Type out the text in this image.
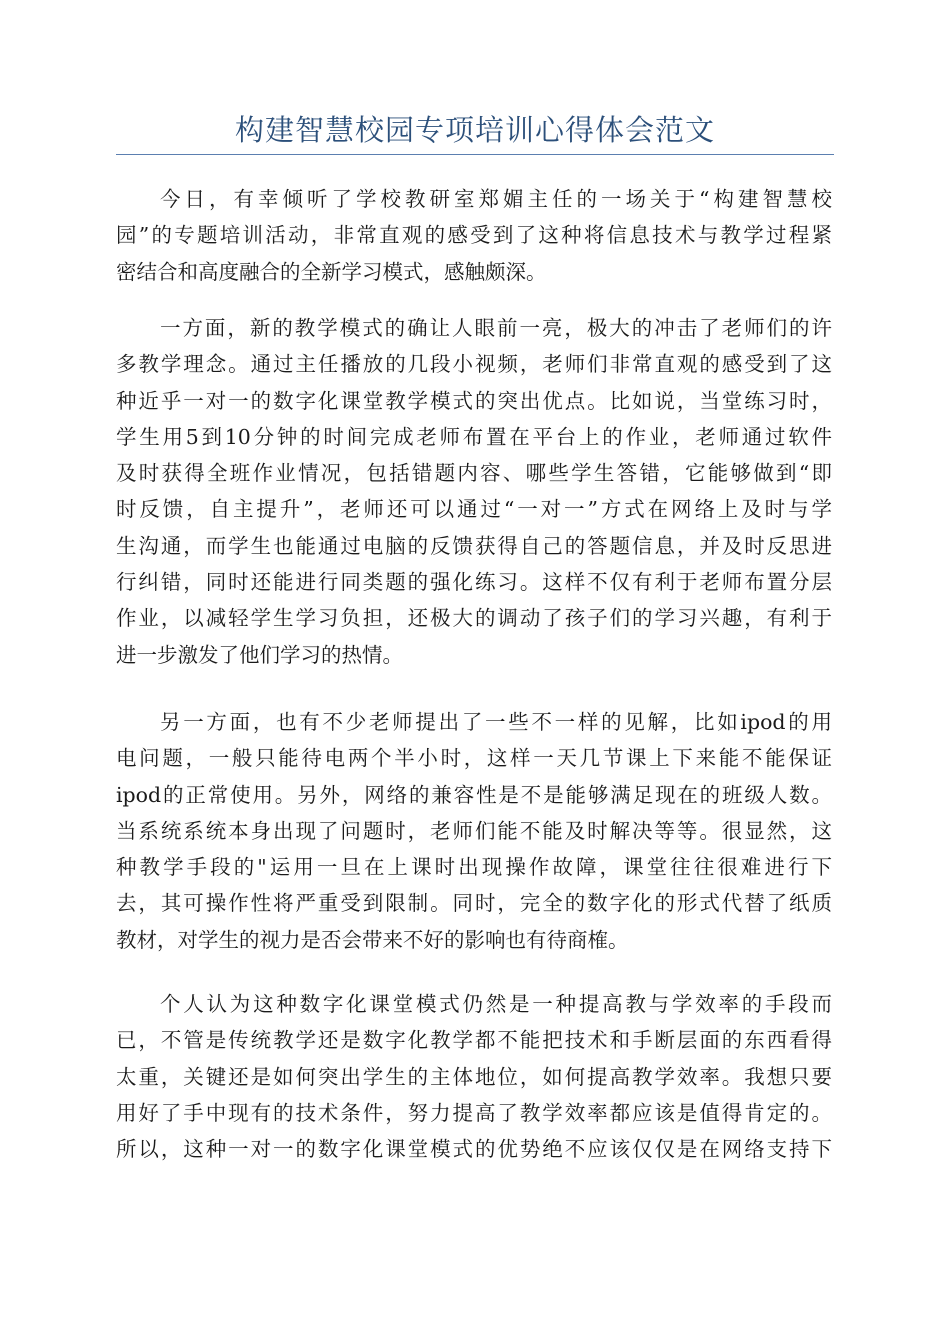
构建智慧校园专项培训心得体会范文
今日，有幸倾听了学校教研室郑媚主任的一场关于“构建智慧校
园”的专题培训活动，非常直观的感受到了这种将信息技术与教学过程紧
密结合和高度融合的全新学习模式，感触颇深。
一方面，新的教学模式的确让人眼前一亮，极大的冲击了老师们的许
多教学理念。通过主任播放的几段小视频，老师们非常直观的感受到了这
种近乎一对一的数字化课堂教学模式的突出优点。比如说，当堂练习时，
学生用5到10分钟的时间完成老师布置在平台上的作业，老师通过软件
及时获得全班作业情况，包括错题内容、哪些学生答错，它能够做到“即
时反馈，自主提升”，老师还可以通过“一对一”方式在网络上及时与学
生沟通，而学生也能通过电脑的反馈获得自己的答题信息，并及时反思进
行纠错，同时还能进行同类题的强化练习。这样不仅有利于老师布置分层
作业，以减轻学生学习负担，还极大的调动了孩子们的学习兴趣，有利于
进一步激发了他们学习的热情。
另一方面，也有不少老师提出了一些不一样的见解，比如ipod的用
电问题，一般只能待电两个半小时，这样一天几节课上下来能不能保证
ipod的正常使用。另外，网络的兼容性是不是能够满足现在的班级人数。
当系统系统本身出现了问题时，老师们能不能及时解决等等。很显然，这
种教学手段的"运用一旦在上课时出现操作故障，课堂往往很难进行下
去，其可操作性将严重受到限制。同时，完全的数字化的形式代替了纸质
教材，对学生的视力是否会带来不好的影响也有待商榷。
个人认为这种数字化课堂模式仍然是一种提高教与学效率的手段而
已，不管是传统教学还是数字化教学都不能把技术和手断层面的东西看得
太重，关键还是如何突出学生的主体地位，如何提高教学效率。我想只要
用好了手中现有的技术条件，努力提高了教学效率都应该是值得肯定的。
所以，这种一对一的数字化课堂模式的优势绝不应该仅仅是在网络支持下
